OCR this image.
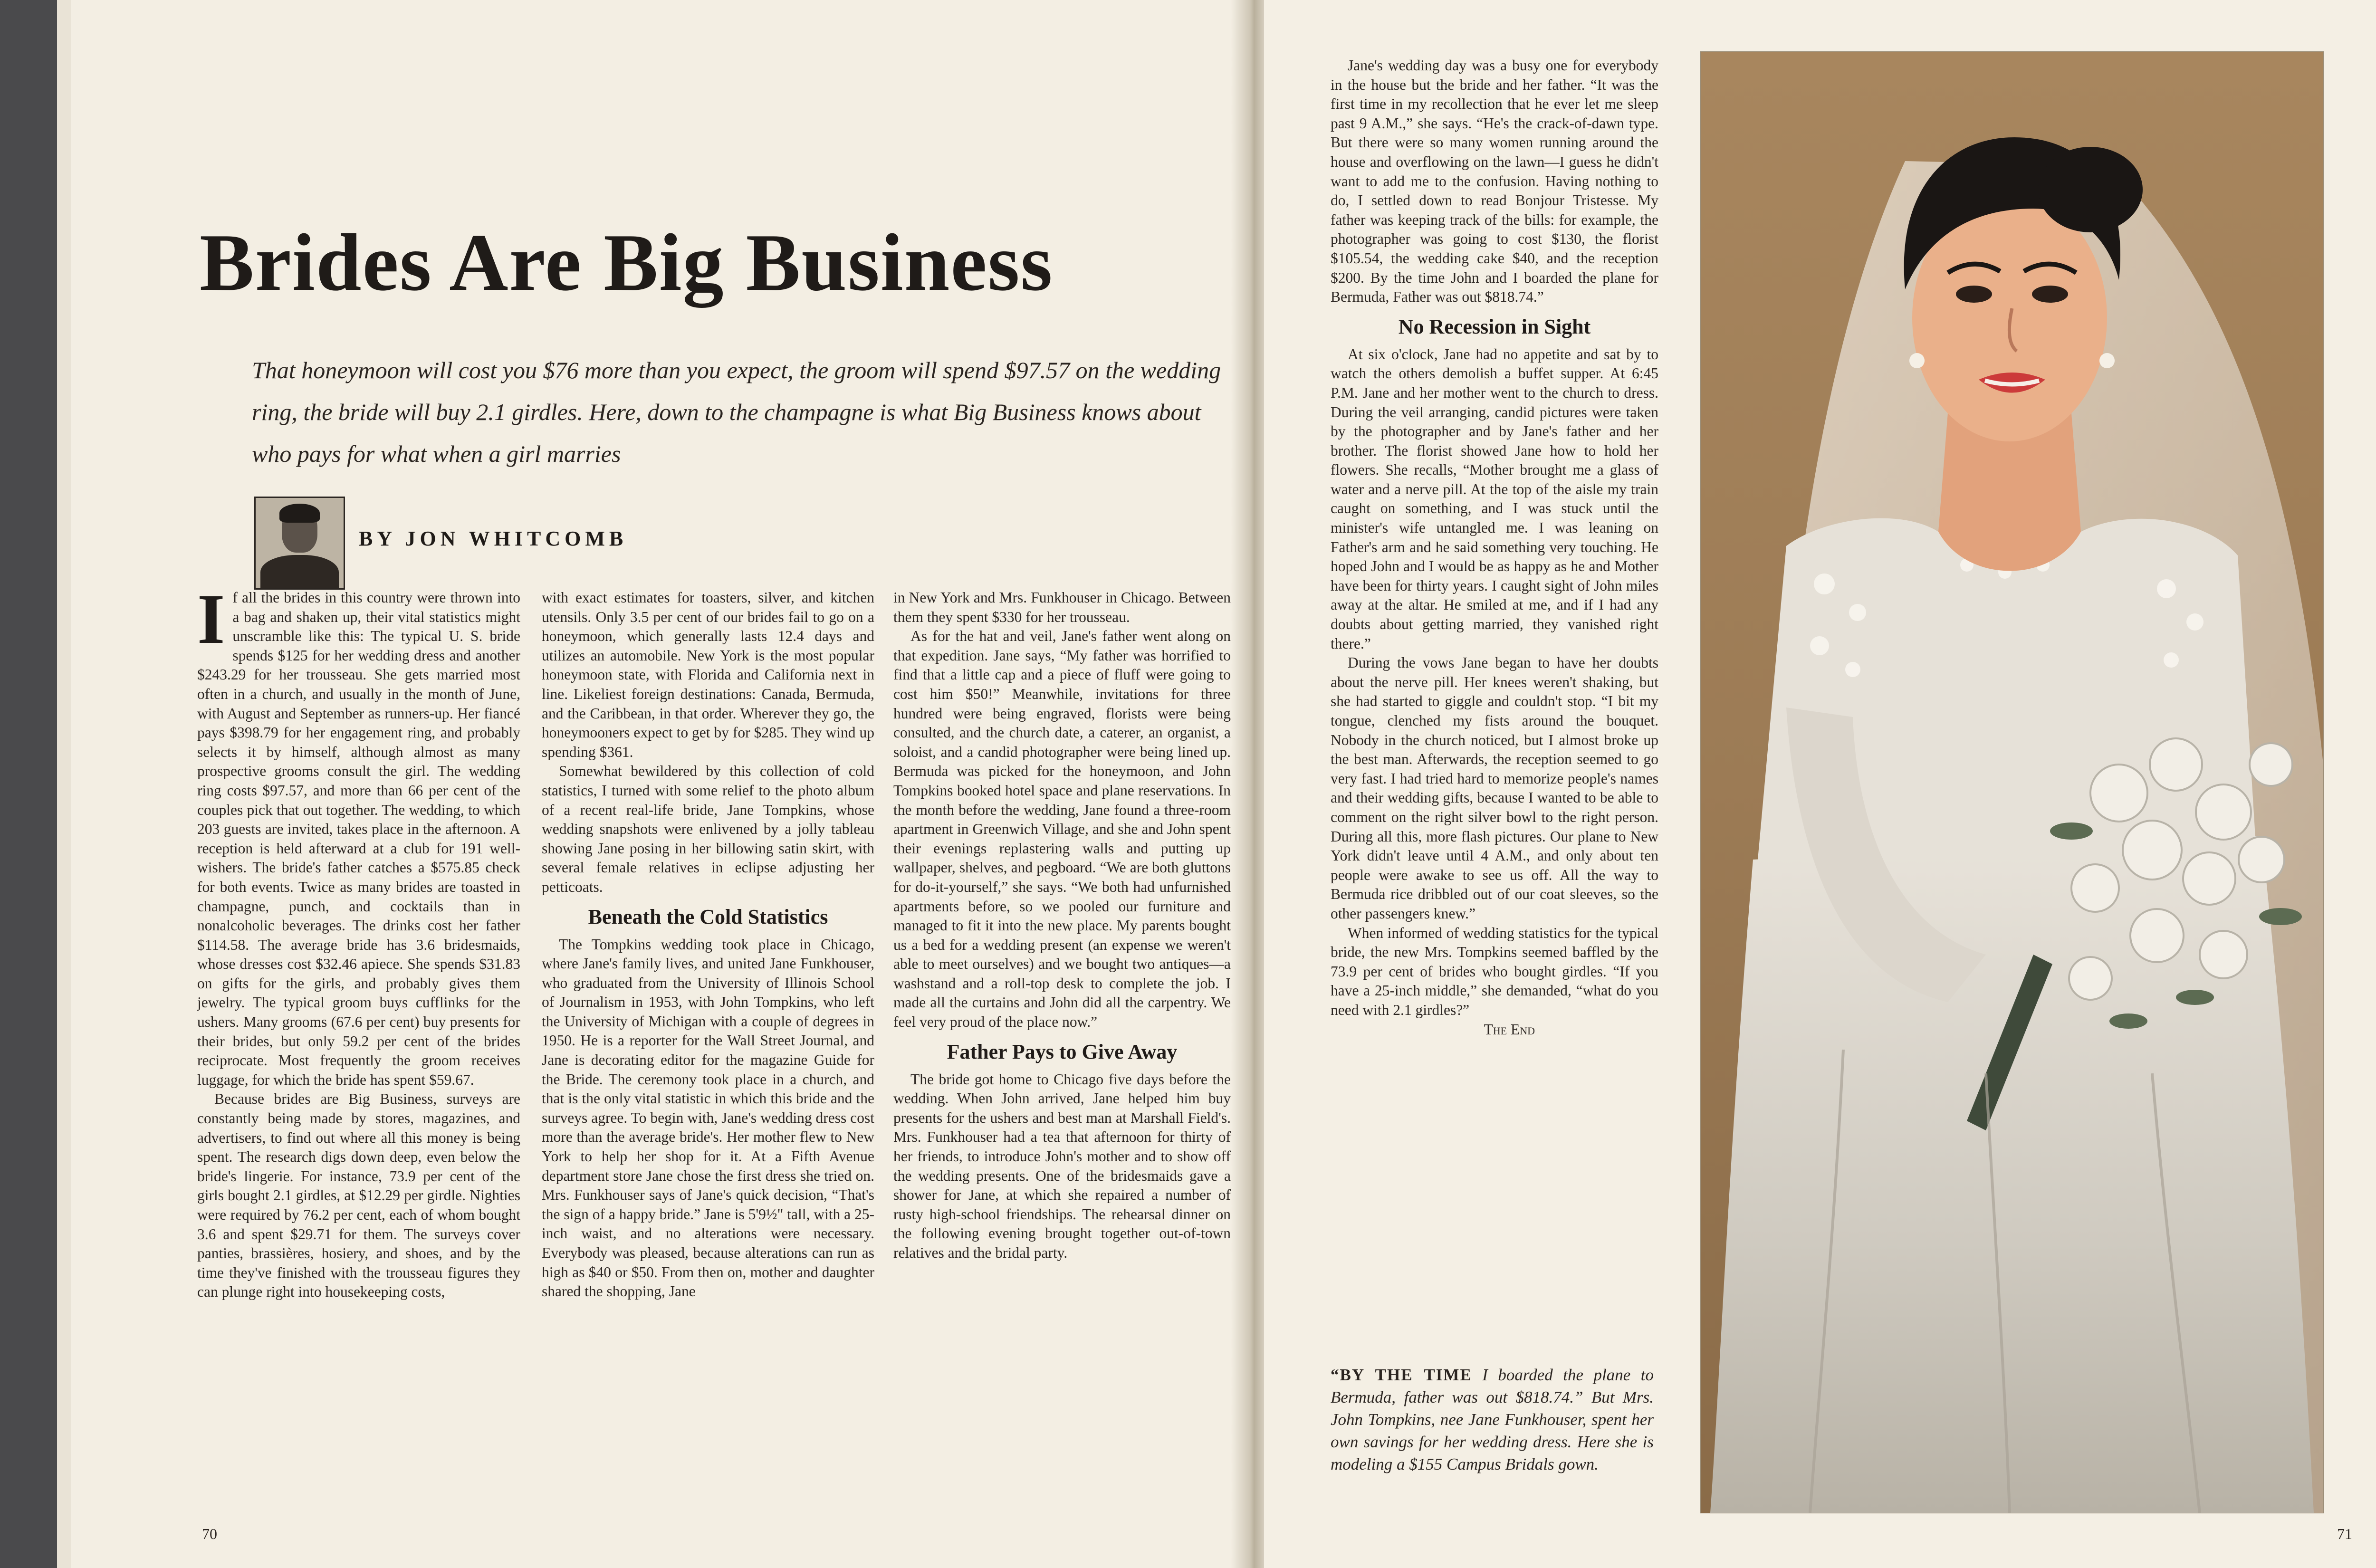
Brides Are Big Business
That honeymoon will cost you $76 more than you expect, the groom will spend $97.57 on the wedding ring, the bride will buy 2.1 girdles. Here, down to the champagne is what Big Business knows about who pays for what when a girl marries
BY JON WHITCOMB

If all the brides in this country were thrown into a bag and shaken up, their vital statistics might unscramble like this: The typical U. S. bride spends $125 for her wedding dress and another $243.29 for her trousseau. She gets married most often in a church, and usually in the month of June, with August and September as runners-up. Her fiancé pays $398.79 for her engagement ring, and probably selects it by himself, although almost as many prospective grooms consult the girl. The wedding ring costs $97.57, and more than 66 per cent of the couples pick that out together. The wedding, to which 203 guests are invited, takes place in the afternoon. A reception is held afterward at a club for 191 well-wishers. The bride's father catches a $575.85 check for both events. Twice as many brides are toasted in champagne, punch, and cocktails than in nonalcoholic beverages. The drinks cost her father $114.58. The average bride has 3.6 bridesmaids, whose dresses cost $32.46 apiece. She spends $31.83 on gifts for the girls, and probably gives them jewelry. The typical groom buys cufflinks for the ushers. Many grooms (67.6 per cent) buy presents for their brides, but only 59.2 per cent of the brides reciprocate. Most frequently the groom receives luggage, for which the bride has spent $59.67.

Because brides are Big Business, surveys are constantly being made by stores, magazines, and advertisers, to find out where all this money is being spent. The research digs down deep, even below the bride's lingerie. For instance, 73.9 per cent of the girls bought 2.1 girdles, at $12.29 per girdle. Nighties were required by 76.2 per cent, each of whom bought 3.6 and spent $29.71 for them. The surveys cover panties, brassières, hosiery, and shoes, and by the time they've finished with the trousseau figures they can plunge right into housekeeping costs,

with exact estimates for toasters, silver, and kitchen utensils. Only 3.5 per cent of our brides fail to go on a honeymoon, which generally lasts 12.4 days and utilizes an automobile. New York is the most popular honeymoon state, with Florida and California next in line. Likeliest foreign destinations: Canada, Bermuda, and the Caribbean, in that order. Wherever they go, the honeymooners expect to get by for $285. They wind up spending $361.

Somewhat bewildered by this collection of cold statistics, I turned with some relief to the photo album of a recent real-life bride, Jane Tompkins, whose wedding snapshots were enlivened by a jolly tableau showing Jane posing in her billowing satin skirt, with several female relatives in eclipse adjusting her petticoats.

Beneath the Cold Statistics

The Tompkins wedding took place in Chicago, where Jane's family lives, and united Jane Funkhouser, who graduated from the University of Illinois School of Journalism in 1953, with John Tompkins, who left the University of Michigan with a couple of degrees in 1950. He is a reporter for the Wall Street Journal, and Jane is decorating editor for the magazine Guide for the Bride. The ceremony took place in a church, and that is the only vital statistic in which this bride and the surveys agree. To begin with, Jane's wedding dress cost more than the average bride's. Her mother flew to New York to help her shop for it. At a Fifth Avenue department store Jane chose the first dress she tried on. Mrs. Funkhouser says of Jane's quick decision, “That's the sign of a happy bride.” Jane is 5'9½" tall, with a 25-inch waist, and no alterations were necessary. Everybody was pleased, because alterations can run as high as $40 or $50. From then on, mother and daughter shared the shopping, Jane

in New York and Mrs. Funkhouser in Chicago. Between them they spent $330 for her trousseau.

As for the hat and veil, Jane's father went along on that expedition. Jane says, “My father was horrified to find that a little cap and a piece of fluff were going to cost him $50!” Meanwhile, invitations for three hundred were being engraved, florists were being consulted, and the church date, a caterer, an organist, a soloist, and a candid photographer were being lined up. Bermuda was picked for the honeymoon, and John Tompkins booked hotel space and plane reservations. In the month before the wedding, Jane found a three-room apartment in Greenwich Village, and she and John spent their evenings replastering walls and putting up wallpaper, shelves, and pegboard. “We are both gluttons for do-it-yourself,” she says. “We both had unfurnished apartments before, so we pooled our furniture and managed to fit it into the new place. My parents bought us a bed for a wedding present (an expense we weren't able to meet ourselves) and we bought two antiques—a washstand and a roll-top desk to complete the job. I made all the curtains and John did all the carpentry. We feel very proud of the place now.”

Father Pays to Give Away

The bride got home to Chicago five days before the wedding. When John arrived, Jane helped him buy presents for the ushers and best man at Marshall Field's. Mrs. Funkhouser had a tea that afternoon for thirty of her friends, to introduce John's mother and to show off the wedding presents. One of the bridesmaids gave a shower for Jane, at which she repaired a number of rusty high-school friendships. The rehearsal dinner on the following evening brought together out-of-town relatives and the bridal party.

70

Jane's wedding day was a busy one for everybody in the house but the bride and her father. “It was the first time in my recollection that he ever let me sleep past 9 A.M.,” she says. “He's the crack-of-dawn type. But there were so many women running around the house and overflowing on the lawn—I guess he didn't want to add me to the confusion. Having nothing to do, I settled down to read Bonjour Tristesse. My father was keeping track of the bills: for example, the photographer was going to cost $130, the florist $105.54, the wedding cake $40, and the reception $200. By the time John and I boarded the plane for Bermuda, Father was out $818.74.”

No Recession in Sight

At six o'clock, Jane had no appetite and sat by to watch the others demolish a buffet supper. At 6:45 P.M. Jane and her mother went to the church to dress. During the veil arranging, candid pictures were taken by the photographer and by Jane's father and her brother. The florist showed Jane how to hold her flowers. She recalls, “Mother brought me a glass of water and a nerve pill. At the top of the aisle my train caught on something, and I was stuck until the minister's wife untangled me. I was leaning on Father's arm and he said something very touching. He hoped John and I would be as happy as he and Mother have been for thirty years. I caught sight of John miles away at the altar. He smiled at me, and if I had any doubts about getting married, they vanished right there.”

During the vows Jane began to have her doubts about the nerve pill. Her knees weren't shaking, but she had started to giggle and couldn't stop. “I bit my tongue, clenched my fists around the bouquet. Nobody in the church noticed, but I almost broke up the best man. Afterwards, the reception seemed to go very fast. I had tried hard to memorize people's names and their wedding gifts, because I wanted to be able to comment on the right silver bowl to the right person. During all this, more flash pictures. Our plane to New York didn't leave until 4 A.M., and only about ten people were awake to see us off. All the way to Bermuda rice dribbled out of our coat sleeves, so the other passengers knew.”

When informed of wedding statistics for the typical bride, the new Mrs. Tompkins seemed baffled by the 73.9 per cent of brides who bought girdles. “If you have a 25-inch middle,” she demanded, “what do you need with 2.1 girdles?”

The End

“BY THE TIME I boarded the plane to Bermuda, father was out $818.74.” But Mrs. John Tompkins, nee Jane Funkhouser, spent her own savings for her wedding dress. Here she is modeling a $155 Campus Bridals gown.
71
